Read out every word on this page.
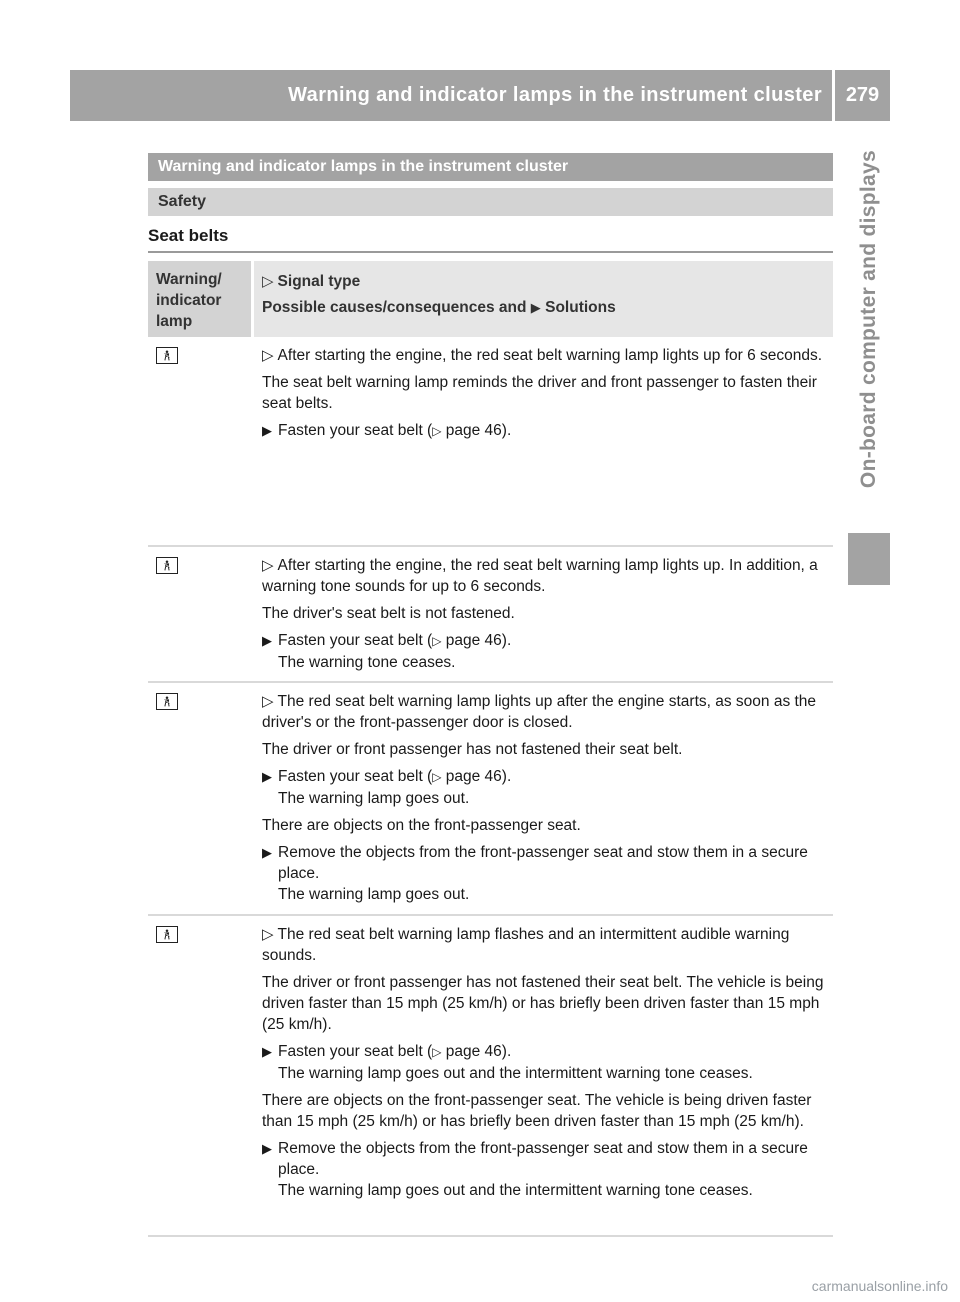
Warning and indicator lamps in the instrument cluster	279
On-board computer and displays
Warning and indicator lamps in the instrument cluster
Safety
Seat belts
Warning/ indicator lamp
▷ Signal type
Possible causes/consequences and ▶ Solutions

▷ After starting the engine, the red seat belt warning lamp lights up for 6 seconds.

The seat belt warning lamp reminds the driver and front passenger to fasten their seat belts.

▶ Fasten your seat belt (▷ page 46).

▷ After starting the engine, the red seat belt warning lamp lights up. In addition, a warning tone sounds for up to 6 seconds.

The driver's seat belt is not fastened.

▶ Fasten your seat belt (▷ page 46).
The warning tone ceases.

▷ The red seat belt warning lamp lights up after the engine starts, as soon as the driver's or the front-passenger door is closed.

The driver or front passenger has not fastened their seat belt.

▶ Fasten your seat belt (▷ page 46).
The warning lamp goes out.

There are objects on the front-passenger seat.

▶ Remove the objects from the front-passenger seat and stow them in a secure place.
The warning lamp goes out.

▷ The red seat belt warning lamp flashes and an intermittent audible warning sounds.

The driver or front passenger has not fastened their seat belt. The vehicle is being driven faster than 15 mph (25 km/h) or has briefly been driven faster than 15 mph (25 km/h).

▶ Fasten your seat belt (▷ page 46).
The warning lamp goes out and the intermittent warning tone ceases.

There are objects on the front-passenger seat. The vehicle is being driven faster than 15 mph (25 km/h) or has briefly been driven faster than 15 mph (25 km/h).

▶ Remove the objects from the front-passenger seat and stow them in a secure place.
The warning lamp goes out and the intermittent warning tone ceases.
carmanualsonline.info
